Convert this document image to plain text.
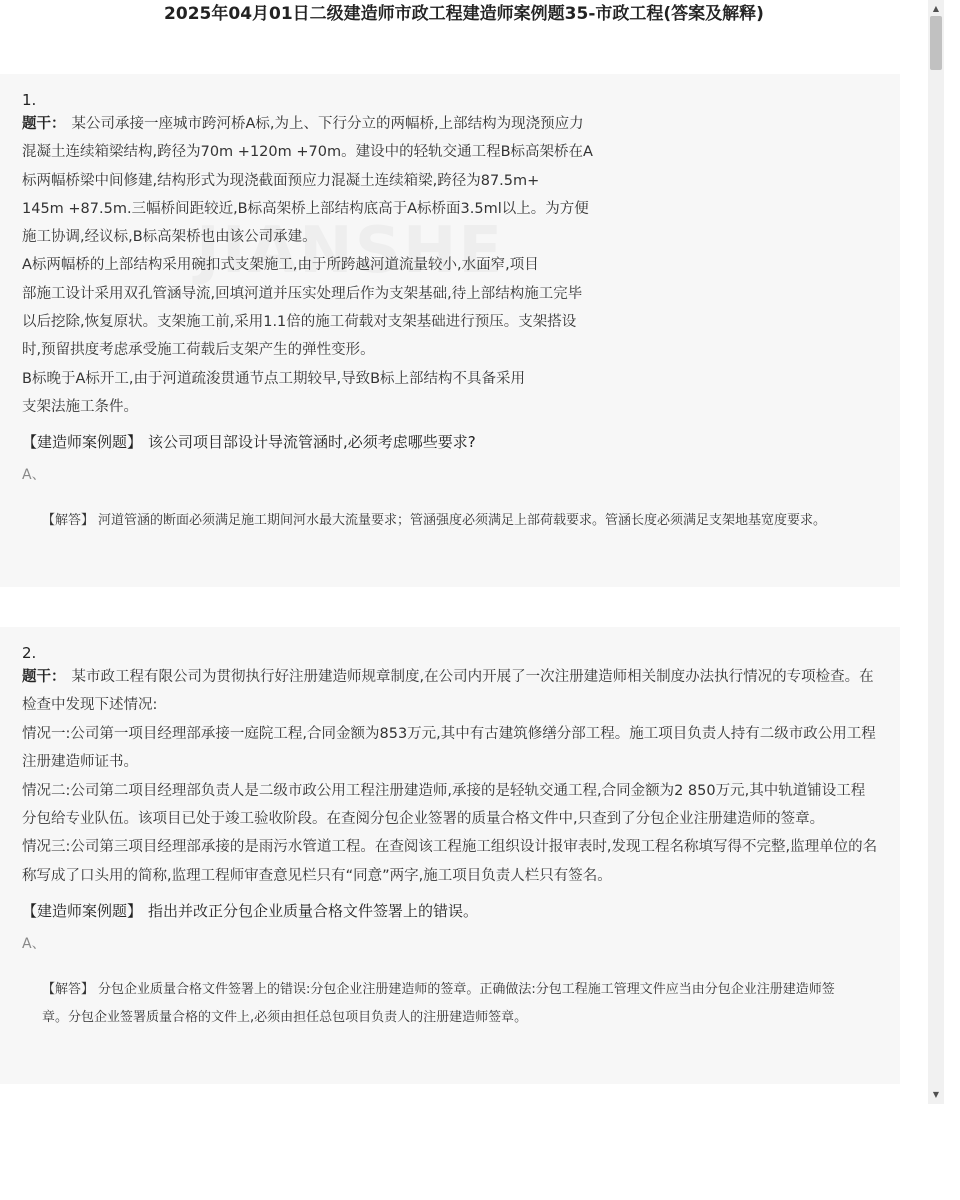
2025年04月01日二级建造师市政工程建造师案例题35-市政工程(答案及解释)
1.
题干： 某公司承接一座城市跨河桥A标,为上、下行分立的两幅桥,上部结构为现浇预应力
混凝土连续箱梁结构,跨径为70m +120m +70m。建设中的轻轨交通工程B标高架桥在A
标两幅桥梁中间修建,结构形式为现浇截面预应力混凝土连续箱梁,跨径为87.5m+
145m +87.5m.三幅桥间距较近,B标高架桥上部结构底高于A标桥面3.5ml以上。为方便
施工协调,经议标,B标高架桥也由该公司承建。
A标两幅桥的上部结构采用碗扣式支架施工,由于所跨越河道流量较小,水面窄,项目
部施工设计采用双孔管涵导流,回填河道并压实处理后作为支架基础,待上部结构施工完毕
以后挖除,恢复原状。支架施工前,采用1.1倍的施工荷载对支架基础进行预压。支架搭设
时,预留拱度考虑承受施工荷载后支架产生的弹性变形。
B标晚于A标开工,由于河道疏浚贯通节点工期较早,导致B标上部结构不具备采用
支架法施工条件。
【建造师案例题】 该公司项目部设计导流管涵时,必须考虑哪些要求?
A、
【解答】 河道管涵的断面必须满足施工期间河水最大流量要求；管涵强度必须满足上部荷载要求。管涵长度必须满足支架地基宽度要求。
2.
题干： 某市政工程有限公司为贯彻执行好注册建造师规章制度,在公司内开展了一次注册建造师相关制度办法执行情况的专项检查。在检查中发现下述情况:
情况一:公司第一项目经理部承接一庭院工程,合同金额为853万元,其中有古建筑修缮分部工程。施工项目负责人持有二级市政公用工程注册建造师证书。
情况二:公司第二项目经理部负责人是二级市政公用工程注册建造师,承接的是轻轨交通工程,合同金额为2 850万元,其中轨道铺设工程分包给专业队伍。该项目已处于竣工验收阶段。在查阅分包企业签署的质量合格文件中,只查到了分包企业注册建造师的签章。
情况三:公司第三项目经理部承接的是雨污水管道工程。在查阅该工程施工组织设计报审表时,发现工程名称填写得不完整,监理单位的名称写成了口头用的简称,监理工程师审查意见栏只有“同意”两字,施工项目负责人栏只有签名。
【建造师案例题】 指出并改正分包企业质量合格文件签署上的错误。
A、
【解答】 分包企业质量合格文件签署上的错误:分包企业注册建造师的签章。正确做法:分包工程施工管理文件应当由分包企业注册建造师签章。分包企业签署质量合格的文件上,必须由担任总包项目负责人的注册建造师签章。
▲
▼
